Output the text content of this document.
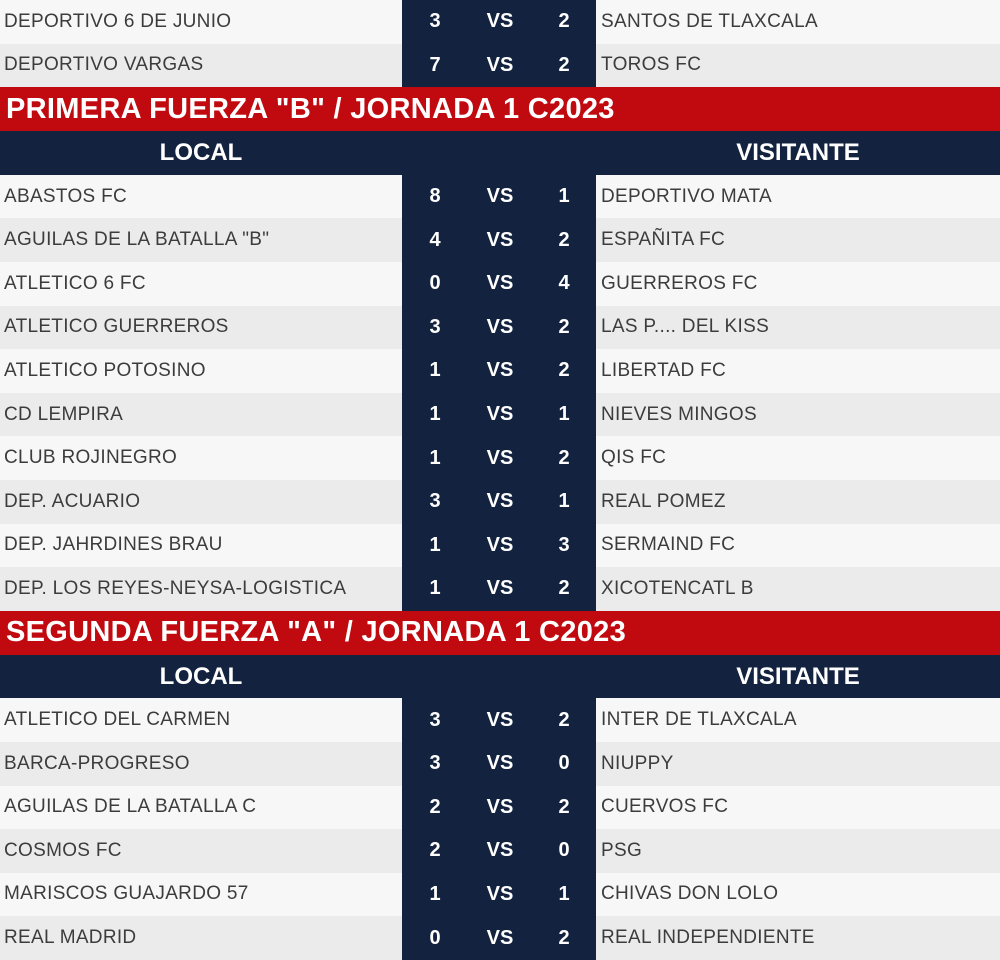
DEPORTIVO 6 DE JUNIO	3	VS	2	SANTOS DE TLAXCALA
DEPORTIVO VARGAS	7	VS	2	TOROS FC
PRIMERA FUERZA "B" / JORNADA 1 C2023
LOCAL	VISITANTE
ABASTOS FC	8	VS	1	DEPORTIVO MATA
AGUILAS DE LA BATALLA "B"	4	VS	2	ESPAÑITA FC
ATLETICO 6 FC	0	VS	4	GUERREROS FC
ATLETICO GUERREROS	3	VS	2	LAS P.... DEL KISS
ATLETICO POTOSINO	1	VS	2	LIBERTAD FC
CD LEMPIRA	1	VS	1	NIEVES MINGOS
CLUB ROJINEGRO	1	VS	2	QIS FC
DEP. ACUARIO	3	VS	1	REAL POMEZ
DEP. JAHRDINES BRAU	1	VS	3	SERMAIND FC
DEP. LOS REYES-NEYSA-LOGISTICA	1	VS	2	XICOTENCATL B
SEGUNDA FUERZA "A" / JORNADA 1 C2023
LOCAL	VISITANTE
ATLETICO DEL CARMEN	3	VS	2	INTER DE TLAXCALA
BARCA-PROGRESO	3	VS	0	NIUPPY
AGUILAS DE LA BATALLA C	2	VS	2	CUERVOS FC
COSMOS FC	2	VS	0	PSG
MARISCOS GUAJARDO 57	1	VS	1	CHIVAS DON LOLO
REAL MADRID	0	VS	2	REAL INDEPENDIENTE
